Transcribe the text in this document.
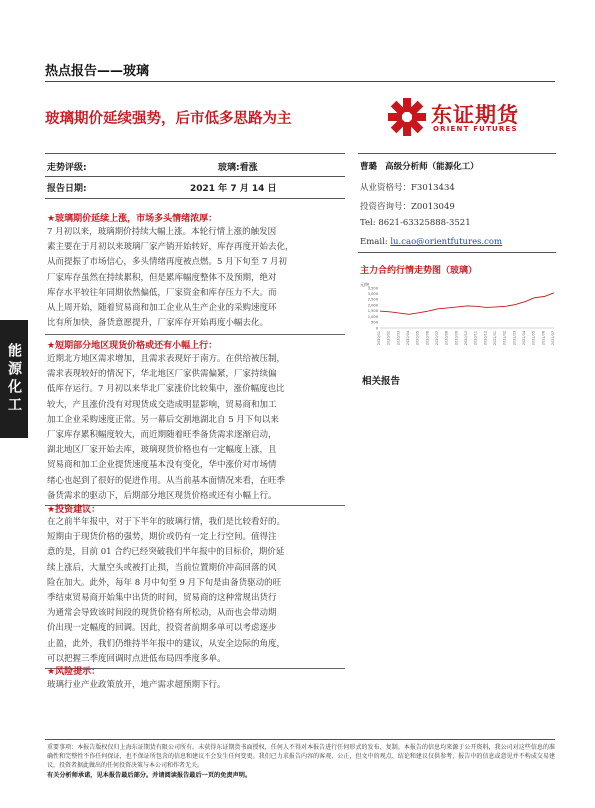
热点报告——玻璃
玻璃期价延续强势，后市低多思路为主	东证期货
ORIENT FUTURES
走势评级:	玻璃:看涨
报告日期:	2021 年 7 月 14 日
曹璐 高级分析师（能源化工）
从业资格号：F3013434
投资咨询号：Z0013049
Tel: 8621-63325888-3521
Email: lu.cao@orientfutures.com
主力合约行情走势图（玻璃）
元/吨
0
500
1,000
1,500
2,000
2,500
3,000
3,500
2020/01 2020/02 2020/03 2020/04 2020/05 2020/06 2020/07 2020/08 2020/09 2020/10 2020/11 2020/12 2021/01 2021/02 2021/03 2021/04 2021/05 2021/06 2021/07
相关报告
能源化工
★玻璃期价延续上涨，市场多头情绪浓厚：
7 月初以来，玻璃期价持续大幅上涨。本轮行情上涨的触发因
素主要在于月初以来玻璃厂家产销开始转好，库存再度开始去化，
从而提振了市场信心，多头情绪再度被点燃。5 月下旬至 7 月初
厂家库存虽然在持续累积，但是累库幅度整体不及预期，绝对
库存水平较往年同期依然偏低，厂家资金和库存压力不大。而
从上周开始，随着贸易商和加工企业从生产企业的采购速度环
比有所加快，备货意愿提升，厂家库存开始再度小幅去化。
★短期部分地区现货价格或还有小幅上行：
近期北方地区需求增加，且需求表现好于南方。在供给被压制，
需求表现较好的情况下，华北地区厂家供需偏紧，厂家持续偏
低库存运行。7 月初以来华北厂家涨价比较集中，涨价幅度也比
较大，产且涨价没有对现货成交造成明显影响，贸易商和加工
加工企业采购速度正常。另一幕后交割地湖北自 5 月下旬以来
厂家库存累积幅度较大，而近期随着旺季备货需求逐渐启动，
湖北地区厂家开始去库，玻璃现货价格也有一定幅度上涨，且
贸易商和加工企业提货速度基本没有变化，华中涨价对市场情
绪心也起到了很好的促进作用。从当前基本面情况来看，在旺季
备货需求的驱动下，后期部分地区现货价格或还有小幅上行。
★投资建议：
在之前半年报中，对于下半年的玻璃行情，我们是比较看好的。
短期由于现货价格的强势，期价或仍有一定上行空间。值得注
意的是，目前 01 合约已经突破我们半年报中的目标价，期价延
续上涨后，大量空头或被打止损，当前位置期价冲高回落的风
险在加大。此外，每年 8 月中旬至 9 月下旬是由备货驱动的旺
季结束贸易商开始集中出货的时间，贸易商的这种常规出货行
为通常会导致该时间段的现货价格有所松动，从而也会带动期
价出现一定幅度的回调。因此，投资者前期多单可以考虑逐步
止盈，此外，我们仍维持半年报中的建议，从安全边际的角度，
可以把握三季度回调时点进低布局四季度多单。
★风险提示：
玻璃行业产业政策放开，地产需求超预期下行。
重要事项：本报告版权仅归上海东证期货有限公司所有。未获得东证期货书面授权，任何人不得对本报告进行任何形式的发布、复制。本报告的信息均来源于公开资料，我公司对这些信息的准确性和完整性不作任何保证，也不保证所包含的信息和建议不会发生任何变更。我们已力求报告内容的客观、公正，但文中的观点、结论和建议仅供参考，报告中的信息或意见并不构成交易建议，投资者据此做出的任何投资决策与本公司和作者无关。
有关分析师承诺，见本报告最后部分。并请阅读报告最后一页的免责声明。
